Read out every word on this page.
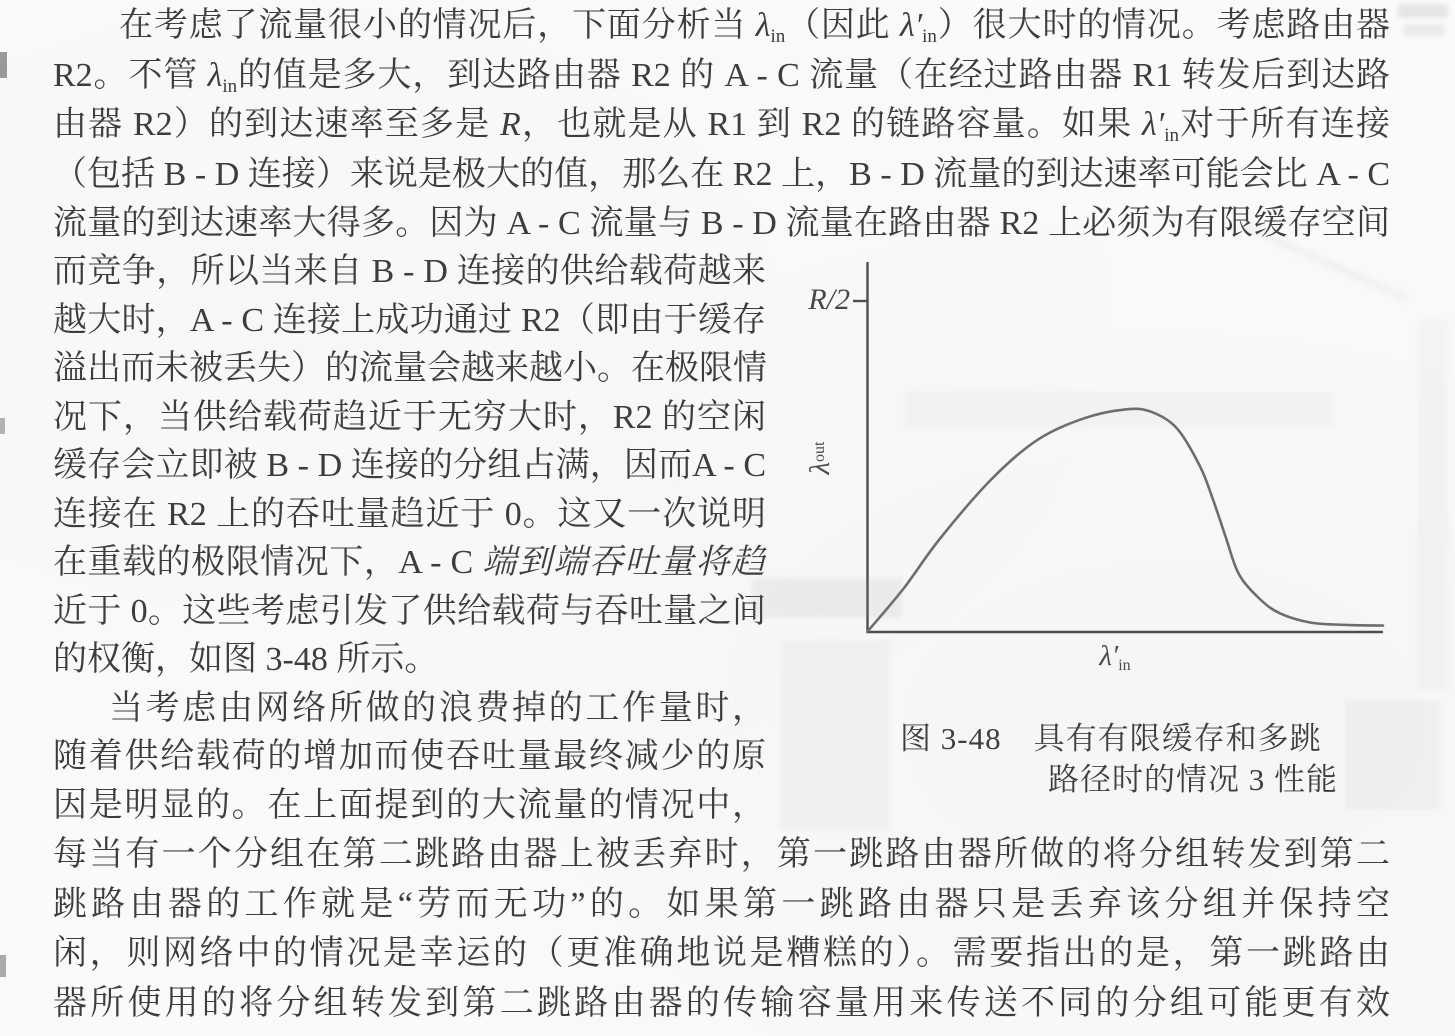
在考虑了流量很小的情况后，下面分析当 $\lambda_{in}$（因此 $\lambda'_{in}$）很大时的情况。考虑路由器
R2。不管 $\lambda_{in}$的值是多大，到达路由器 R2 的 A - C 流量（在经过路由器 R1 转发后到达路
由器 R2）的到达速率至多是 R，也就是从 R1 到 R2 的链路容量。如果 $\lambda'_{in}$对于所有连接
（包括 B - D 连接）来说是极大的值，那么在 R2 上，B - D 流量的到达速率可能会比 A - C
流量的到达速率大得多。因为 A - C 流量与 B - D 流量在路由器 R2 上必须为有限缓存空间
而竞争，所以当来自 B - D 连接的供给载荷越来
越大时，A - C 连接上成功通过 R2（即由于缓存
溢出而未被丢失）的流量会越来越小。在极限情
况下，当供给载荷趋近于无穷大时，R2 的空闲
缓存会立即被 B - D 连接的分组占满，因而A - C
连接在 R2 上的吞吐量趋近于 0。这又一次说明
在重载的极限情况下，A - C 端到端吞吐量将趋
近于 0。这些考虑引发了供给载荷与吞吐量之间
的权衡，如图 3-48 所示。
当考虑由网络所做的浪费掉的工作量时，
随着供给载荷的增加而使吞吐量最终减少的原
因是明显的。在上面提到的大流量的情况中，
每当有一个分组在第二跳路由器上被丢弃时，第一跳路由器所做的将分组转发到第二
跳路由器的工作就是“劳而无功”的。如果第一跳路由器只是丢弃该分组并保持空
闲，则网络中的情况是幸运的（更准确地说是糟糕的）。需要指出的是，第一跳路由
器所使用的将分组转发到第二跳路由器的传输容量用来传送不同的分组可能更有效
R/2
λ
out
$\lambda'_{in}$
图 3-48　具有有限缓存和多跳
路径时的情况 3 性能
